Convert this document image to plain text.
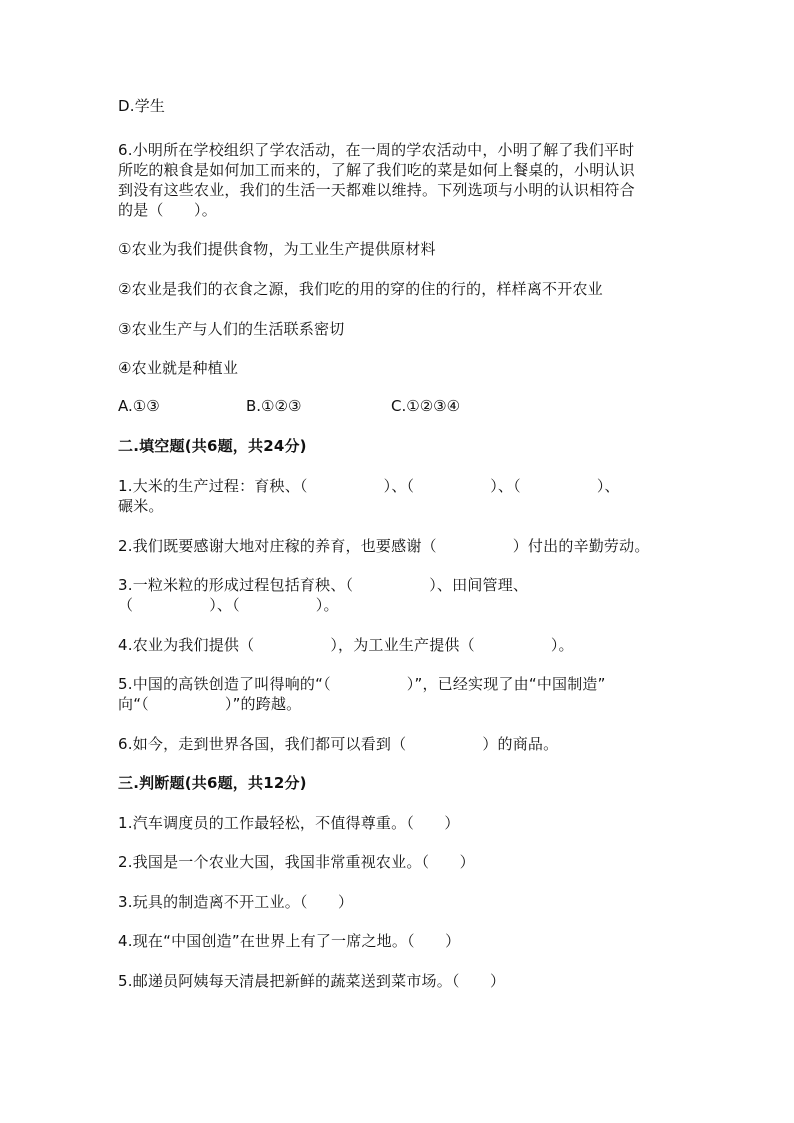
D.学生
6.小明所在学校组织了学农活动，在一周的学农活动中，小明了解了我们平时
所吃的粮食是如何加工而来的，了解了我们吃的菜是如何上餐桌的，小明认识
到没有这些农业，我们的生活一天都难以维持。下列选项与小明的认识相符合
的是（　　）。
①农业为我们提供食物，为工业生产提供原材料
②农业是我们的衣食之源，我们吃的用的穿的住的行的，样样离不开农业
③农业生产与人们的生活联系密切
④农业就是种植业
A.①③	B.①②③	C.①②③④
二.填空题(共6题，共24分)
1.大米的生产过程：育秧、（　　　　　）、（　　　　　）、（　　　　　）、
碾米。
2.我们既要感谢大地对庄稼的养育，也要感谢（　　　　　）付出的辛勤劳动。
3.一粒米粒的形成过程包括育秧、（　　　　　）、田间管理、
（　　　　　）、（　　　　　）。
4.农业为我们提供（　　　　　），为工业生产提供（　　　　　）。
5.中国的高铁创造了叫得响的“（　　　　　）”，已经实现了由“中国制造”
向“（　　　　　）”的跨越。
6.如今，走到世界各国，我们都可以看到（　　　　　）的商品。
三.判断题(共6题，共12分)
1.汽车调度员的工作最轻松，不值得尊重。（　　）
2.我国是一个农业大国，我国非常重视农业。（　　）
3.玩具的制造离不开工业。（　　）
4.现在“中国创造”在世界上有了一席之地。（　　）
5.邮递员阿姨每天清晨把新鲜的蔬菜送到菜市场。（　　）
